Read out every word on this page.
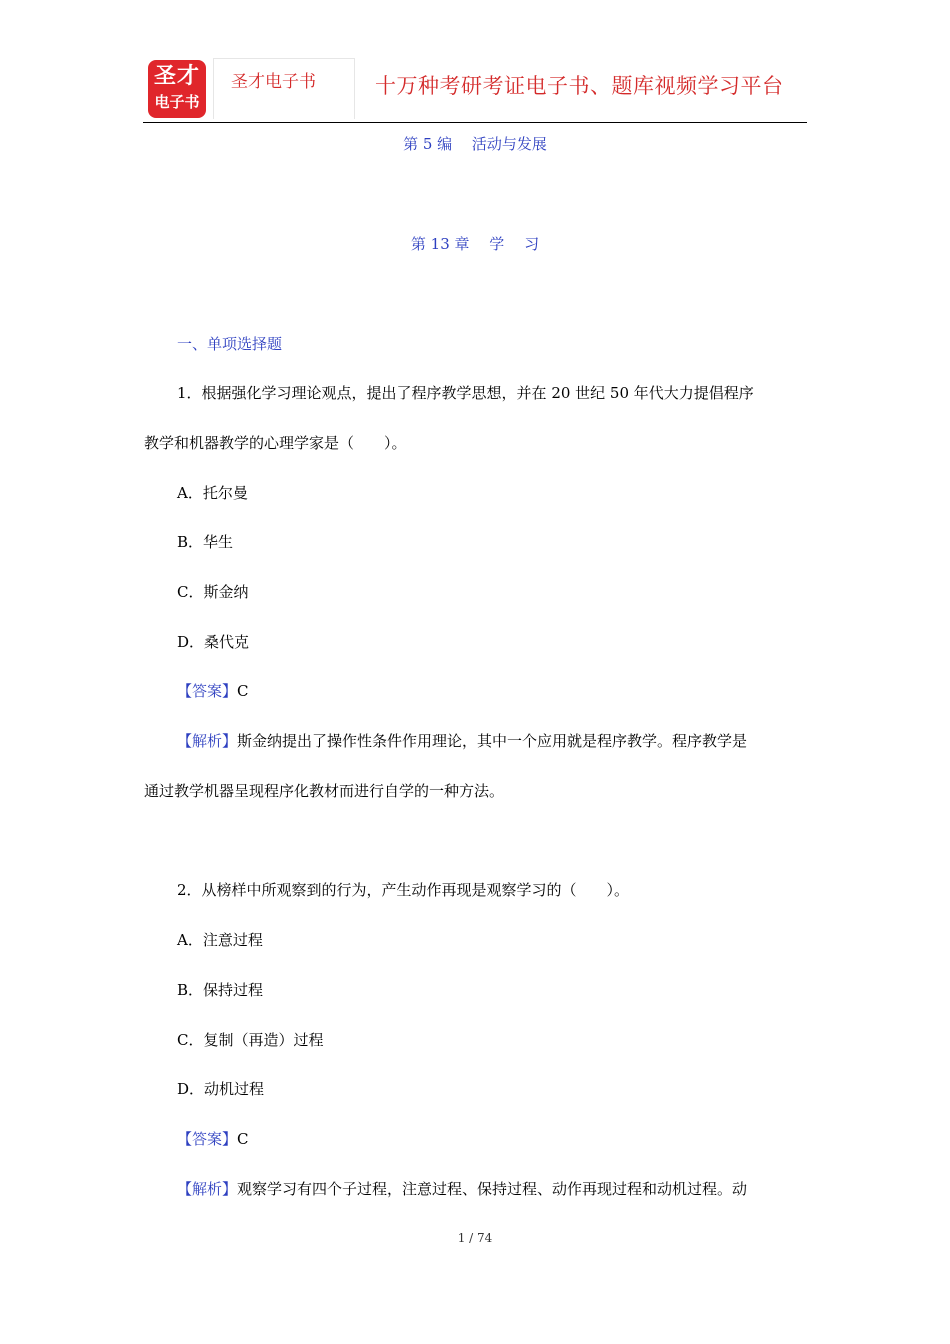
圣才
电子书
圣才电子书	十万种考研考证电子书、题库视频学习平台
第 5 编　 活动与发展
第 13 章　 学　 习
一、单项选择题
1．根据强化学习理论观点，提出了程序教学思想，并在 20 世纪 50 年代大力提倡程序
教学和机器教学的心理学家是（　　）。
A．托尔曼
B．华生
C．斯金纳
D．桑代克
【答案】C
【解析】斯金纳提出了操作性条件作用理论，其中一个应用就是程序教学。程序教学是
通过教学机器呈现程序化教材而进行自学的一种方法。
2．从榜样中所观察到的行为，产生动作再现是观察学习的（　　）。
A．注意过程
B．保持过程
C．复制（再造）过程
D．动机过程
【答案】C
【解析】观察学习有四个子过程，注意过程、保持过程、动作再现过程和动机过程。动
1 / 74
